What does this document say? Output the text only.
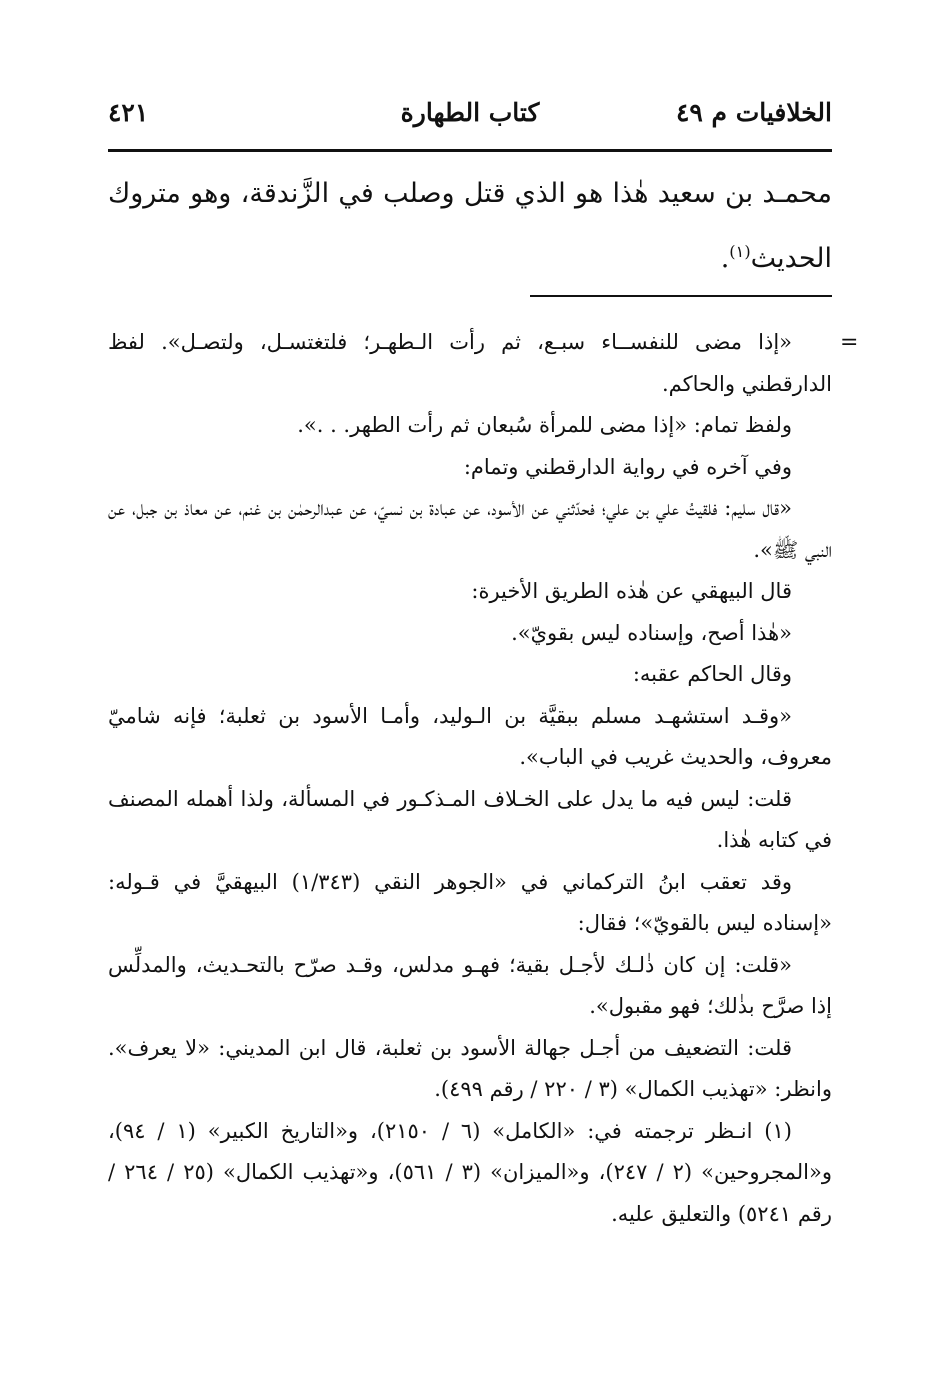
الخلافيات م ٤٩
كتاب الطهارة
٤٢١

محمـد بن سعيد هٰذا هو الذي قتل وصلب في الزَّندقة، وهو متروك الحديث$^{(١)}$.

=

«إذا مضى للنفســاء سبـع، ثم رأت الـطهـر؛ فلتغتسـل، ولتصـل». لفظ الدارقطني والحاكم.

ولفظ تمام: «إذا مضى للمرأة سُبعان ثم رأت الطهر. . .».

وفي آخره في رواية الدارقطني وتمام:

«قال سليم: فلقيتُ علي بن علي؛ فحدّثني عن الأسود، عن عبادة بن نسيّ، عن عبدالرحمٰن بن غنم، عن معاذ بن جبل، عن النبي ﷺ».

قال البيهقي عن هٰذه الطريق الأخيرة:

«هٰذا أصح، وإسناده ليس بقويّ».

وقال الحاكم عقبه:

«وقـد استشهـد مسلم ببقيَّة بن الـوليد، وأمـا الأسود بن ثعلبة؛ فإنه شاميّ معروف، والحديث غريب في الباب».

قلت: ليس فيه ما يدل على الخـلاف المـذكـور في المسألة، ولذا أهمله المصنف في كتابه هٰذا.

وقد تعقب ابنُ التركماني في «الجوهر النقي (١/٣٤٣) البيهقيَّ في قـوله: «إسناده ليس بالقويّ»؛ فقال:

«قلت: إن كان ذٰلـك لأجـل بقية؛ فهـو مدلس، وقـد صرّح بالتحـديث، والمدلِّس إذا صرَّح بذٰلك؛ فهو مقبول».

قلت: التضعيف من أجـل جهالة الأسود بن ثعلبة، قال ابن المديني: «لا يعرف». وانظر: «تهذيب الكمال» (٣ / ٢٢٠ / رقم ٤٩٩).

(١) انـظر ترجمته في: «الكامل» (٦ / ٢١٥٠)، و«التاريخ الكبير» (١ / ٩٤)، و«المجروحين» (٢ / ٢٤٧)، و«الميزان» (٣ / ٥٦١)، و«تهذيب الكمال» (٢٥ / ٢٦٤ / رقم ٥٢٤١) والتعليق عليه.
